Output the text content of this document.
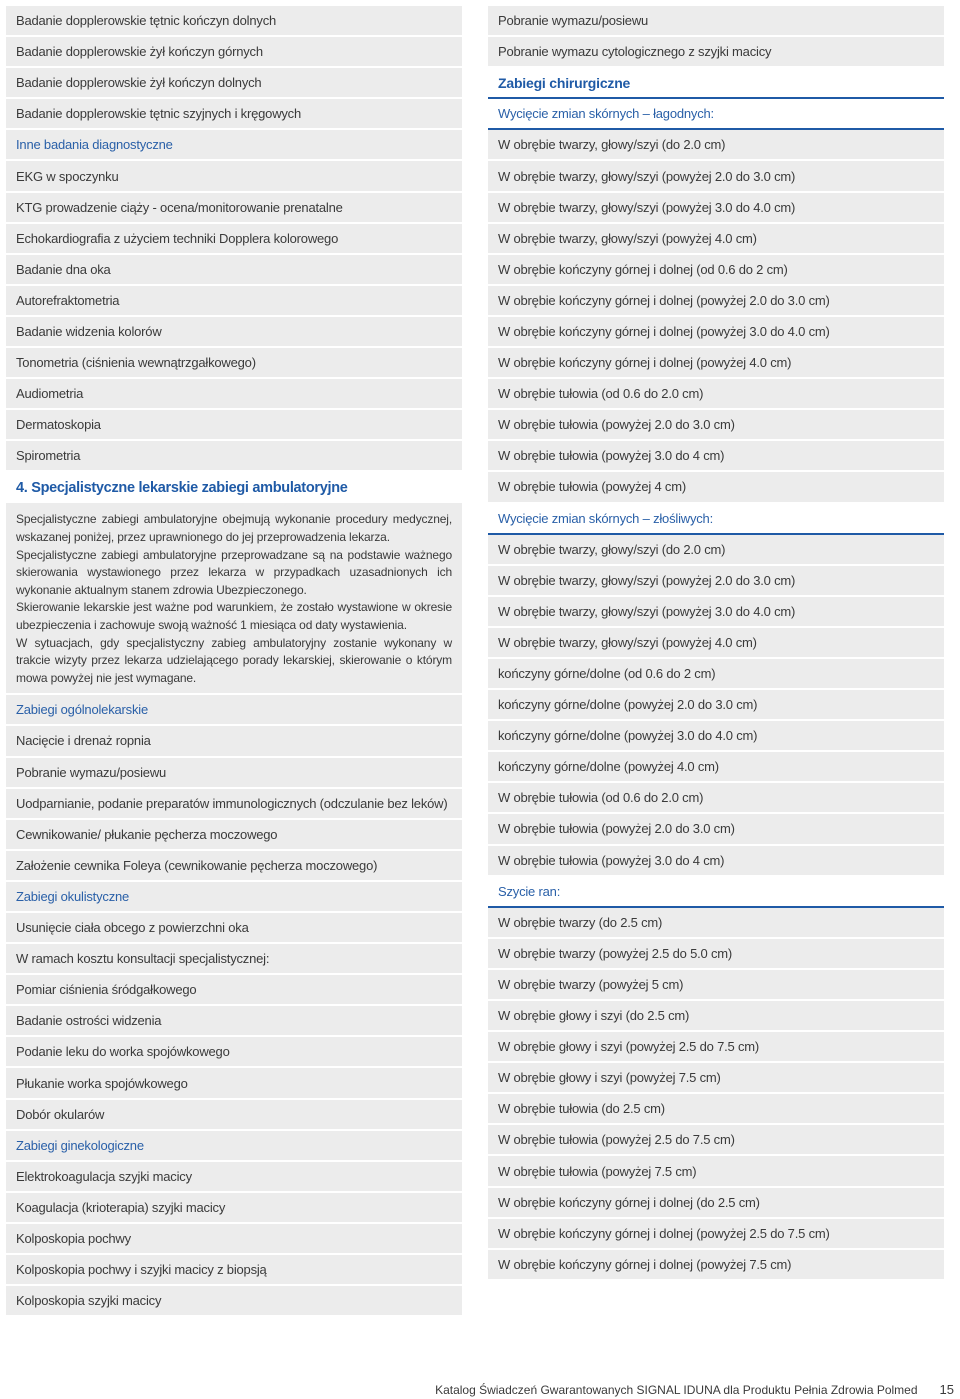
Badanie dopplerowskie tętnic kończyn dolnych
Badanie dopplerowskie żył kończyn górnych
Badanie dopplerowskie żył kończyn dolnych
Badanie dopplerowskie tętnic szyjnych i kręgowych
Inne badania diagnostyczne
EKG w spoczynku
KTG prowadzenie ciąży - ocena/monitorowanie prenatalne
Echokardiografia z użyciem techniki Dopplera kolorowego
Badanie dna oka
Autorefraktometria
Badanie widzenia kolorów
Tonometria (ciśnienia wewnątrzgałkowego)
Audiometria
Dermatoskopia
Spirometria
4. Specjalistyczne lekarskie zabiegi ambulatoryjne

Specjalistyczne zabiegi ambulatoryjne obejmują wykonanie procedury medycznej, wskazanej poniżej, przez uprawnionego do jej przeprowadzenia lekarza.

Specjalistyczne zabiegi ambulatoryjne przeprowadzane są na podstawie ważnego skierowania wystawionego przez lekarza w przypadkach uzasadnionych ich wykonanie aktualnym stanem zdrowia Ubezpieczonego.

Skierowanie lekarskie jest ważne pod warunkiem, że zostało wystawione w okresie ubezpieczenia i zachowuje swoją ważność 1 miesiąca od daty wystawienia.

W sytuacjach, gdy specjalistyczny zabieg ambulatoryjny zostanie wykonany w trakcie wizyty przez lekarza udzielającego porady lekarskiej, skierowanie o którym mowa powyżej nie jest wymagane.

Zabiegi ogólnolekarskie
Nacięcie i drenaż ropnia
Pobranie wymazu/posiewu
Uodparnianie, podanie preparatów immunologicznych (odczulanie bez leków)
Cewnikowanie/ płukanie pęcherza moczowego
Założenie cewnika Foleya (cewnikowanie pęcherza moczowego)
Zabiegi okulistyczne
Usunięcie ciała obcego z powierzchni oka
W ramach kosztu konsultacji specjalistycznej:
Pomiar ciśnienia śródgałkowego
Badanie ostrości widzenia
Podanie leku do worka spojówkowego
Płukanie worka spojówkowego
Dobór okularów
Zabiegi ginekologiczne
Elektrokoagulacja szyjki macicy
Koagulacja (krioterapia) szyjki macicy
Kolposkopia pochwy
Kolposkopia pochwy i szyjki macicy z biopsją
Kolposkopia szyjki macicy
Pobranie wymazu/posiewu
Pobranie wymazu cytologicznego z szyjki macicy
Zabiegi chirurgiczne
Wycięcie zmian skórnych – łagodnych:
W obrębie twarzy, głowy/szyi (do 2.0 cm)
W obrębie twarzy, głowy/szyi (powyżej 2.0 do 3.0 cm)
W obrębie twarzy, głowy/szyi (powyżej 3.0 do 4.0 cm)
W obrębie twarzy, głowy/szyi (powyżej 4.0 cm)
W obrębie kończyny górnej i dolnej (od 0.6 do 2 cm)
W obrębie kończyny górnej i dolnej (powyżej 2.0 do 3.0 cm)
W obrębie kończyny górnej i dolnej (powyżej 3.0 do 4.0 cm)
W obrębie kończyny górnej i dolnej (powyżej 4.0 cm)
W obrębie tułowia (od 0.6 do 2.0 cm)
W obrębie tułowia (powyżej 2.0 do 3.0 cm)
W obrębie tułowia (powyżej 3.0 do 4 cm)
W obrębie tułowia (powyżej 4 cm)
Wycięcie zmian skórnych – złośliwych:
W obrębie twarzy, głowy/szyi (do 2.0 cm)
W obrębie twarzy, głowy/szyi (powyżej 2.0 do 3.0 cm)
W obrębie twarzy, głowy/szyi (powyżej 3.0 do 4.0 cm)
W obrębie twarzy, głowy/szyi (powyżej 4.0 cm)
kończyny górne/dolne (od 0.6 do 2 cm)
kończyny górne/dolne (powyżej 2.0 do 3.0 cm)
kończyny górne/dolne (powyżej 3.0 do 4.0 cm)
kończyny górne/dolne (powyżej 4.0 cm)
W obrębie tułowia (od 0.6 do 2.0 cm)
W obrębie tułowia (powyżej 2.0 do 3.0 cm)
W obrębie tułowia (powyżej 3.0 do 4 cm)
Szycie ran:
W obrębie twarzy (do 2.5 cm)
W obrębie twarzy (powyżej 2.5 do 5.0 cm)
W obrębie twarzy (powyżej 5 cm)
W obrębie głowy i szyi (do 2.5 cm)
W obrębie głowy i szyi (powyżej 2.5 do 7.5 cm)
W obrębie głowy i szyi (powyżej 7.5 cm)
W obrębie tułowia (do 2.5 cm)
W obrębie tułowia (powyżej 2.5 do 7.5 cm)
W obrębie tułowia (powyżej 7.5 cm)
W obrębie kończyny górnej i dolnej (do 2.5 cm)
W obrębie kończyny górnej i dolnej (powyżej 2.5 do 7.5 cm)
W obrębie kończyny górnej i dolnej (powyżej 7.5 cm)
Katalog Świadczeń Gwarantowanych SIGNAL IDUNA dla Produktu Pełnia Zdrowia Polmed 15
